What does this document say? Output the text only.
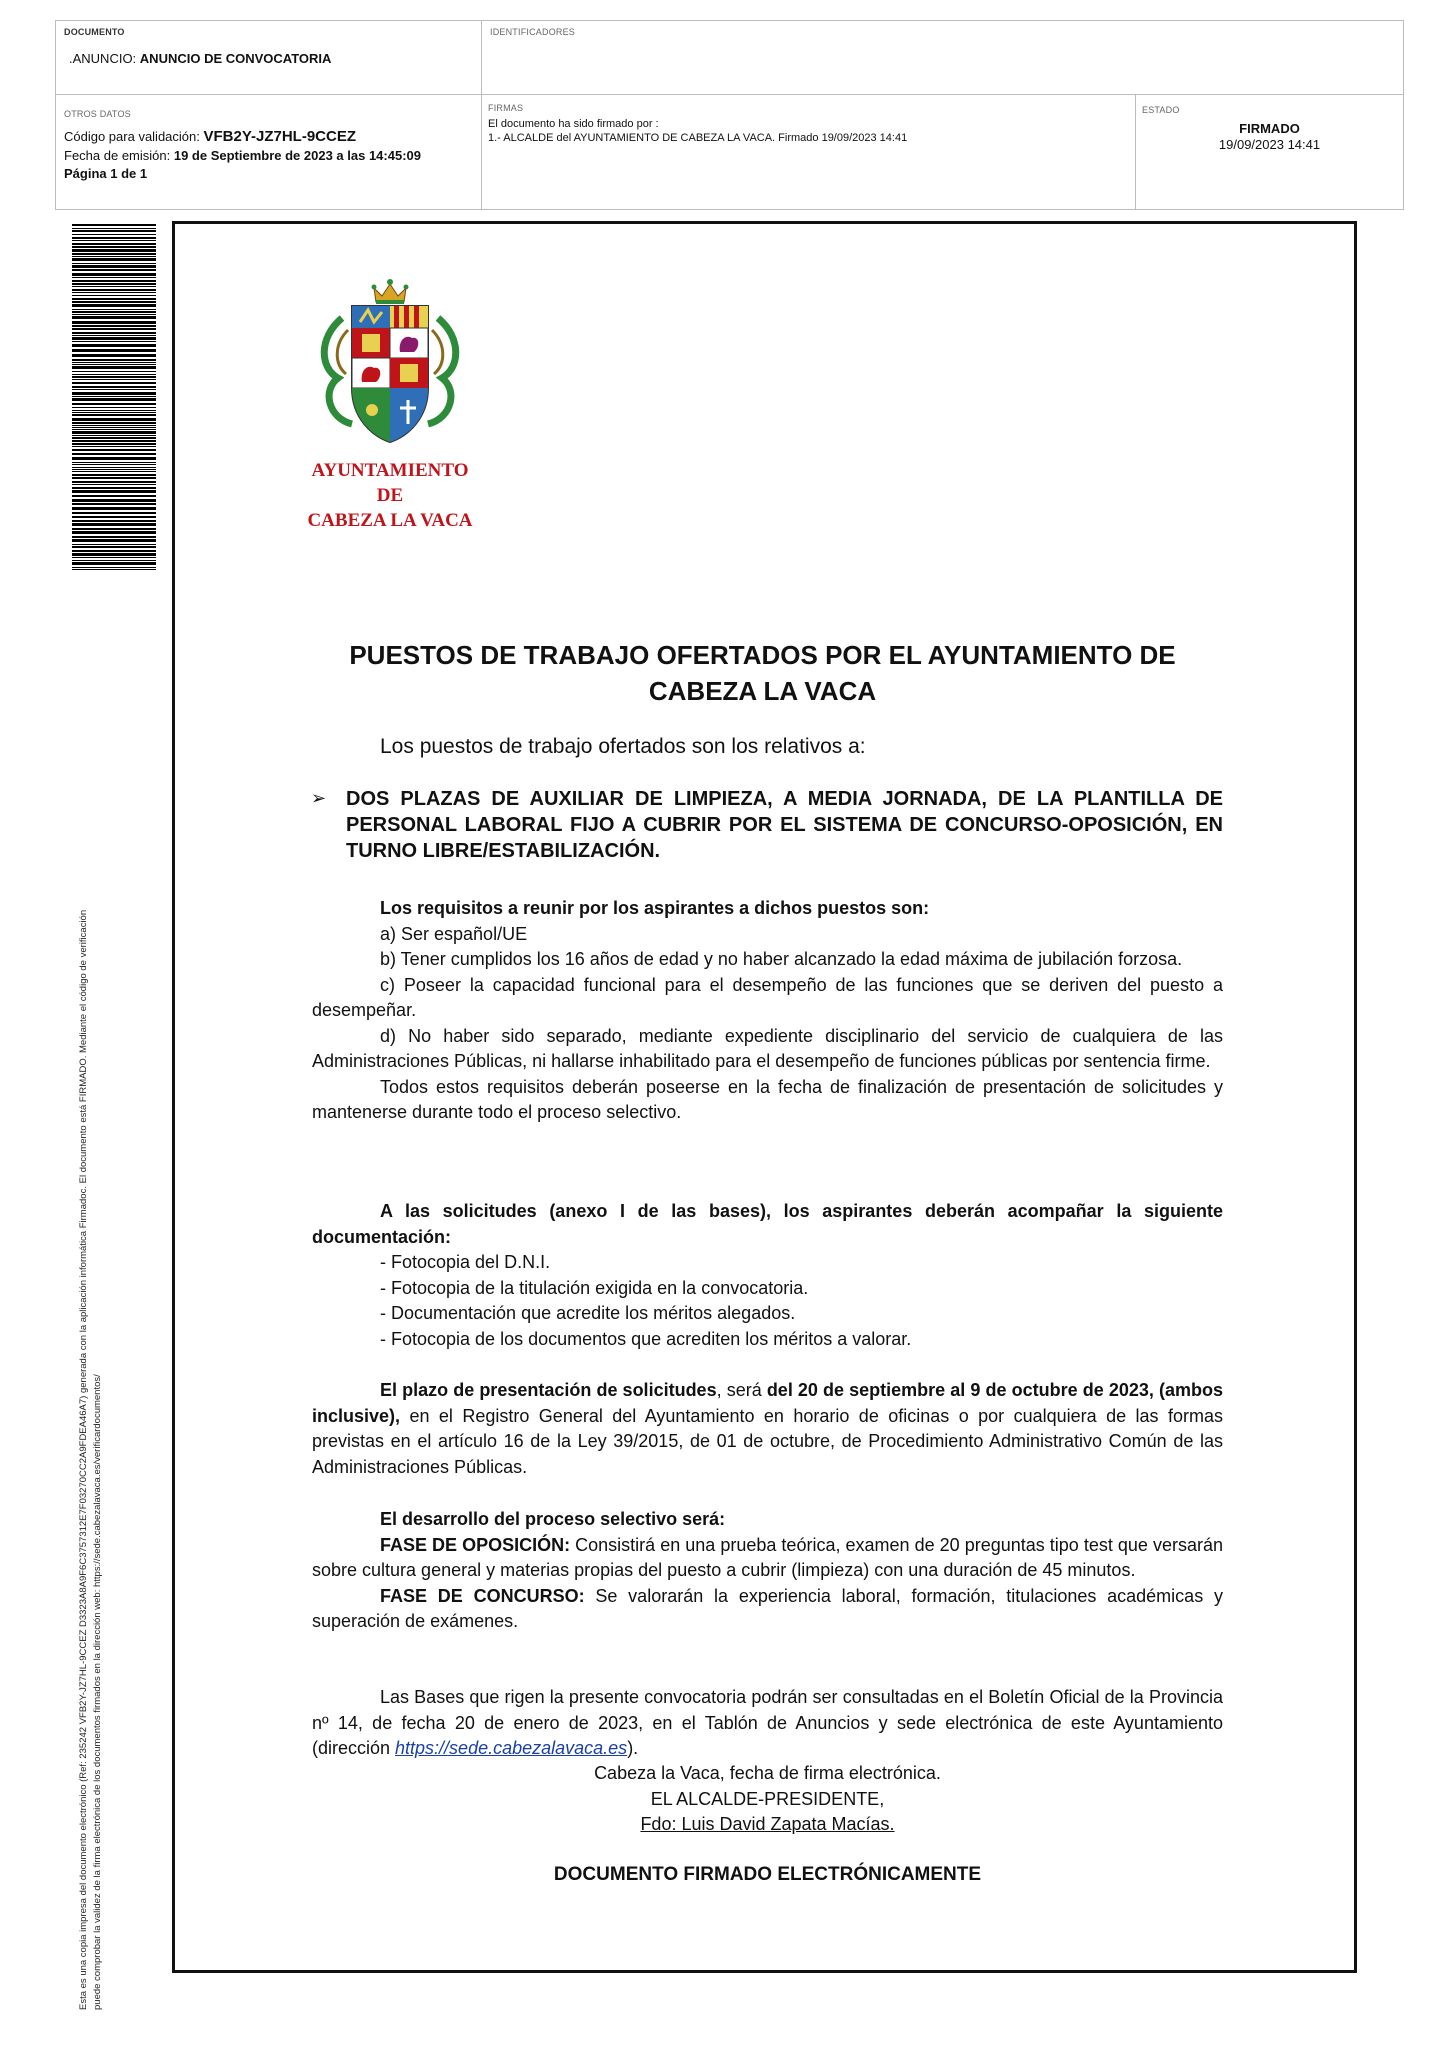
DOCUMENTO
.ANUNCIO: ANUNCIO DE CONVOCATORIA
IDENTIFICADORES
OTROS DATOS
Código para validación: VFB2Y-JZ7HL-9CCEZ
Fecha de emisión: 19 de Septiembre de 2023 a las 14:45:09
Página 1 de 1
FIRMAS
El documento ha sido firmado por :
1.- ALCALDE del AYUNTAMIENTO DE CABEZA LA VACA. Firmado 19/09/2023 14:41
ESTADO
FIRMADO
19/09/2023 14:41
Esta es una copia impresa del documento electrónico (Ref: 235242 VFB2Y-JZ7HL-9CCEZ D3323A8A9F6C3757312E7F03270CC2A9FDEA46A7) generada con la aplicación informática Firmadoc. El documento está FIRMADO. Mediante el código de verificación puede comprobar la validez de la firma electrónica de los documentos firmados en la dirección web: https://sede.cabezalavaca.es/verificardocumentos/
AYUNTAMIENTO
DE
CABEZA LA VACA
PUESTOS DE TRABAJO OFERTADOS POR EL AYUNTAMIENTO DE
CABEZA LA VACA
Los puestos de trabajo ofertados son los relativos a:
➢ DOS PLAZAS DE AUXILIAR DE LIMPIEZA, A MEDIA JORNADA, DE LA PLANTILLA DE PERSONAL LABORAL FIJO A CUBRIR POR EL SISTEMA DE CONCURSO-OPOSICIÓN, EN TURNO LIBRE/ESTABILIZACIÓN.

Los requisitos a reunir por los aspirantes a dichos puestos son:

a) Ser español/UE

b) Tener cumplidos los 16 años de edad y no haber alcanzado la edad máxima de jubilación forzosa.

c) Poseer la capacidad funcional para el desempeño de las funciones que se deriven del puesto a desempeñar.

d) No haber sido separado, mediante expediente disciplinario del servicio de cualquiera de las Administraciones Públicas, ni hallarse inhabilitado para el desempeño de funciones públicas por sentencia firme.

Todos estos requisitos deberán poseerse en la fecha de finalización de presentación de solicitudes y mantenerse durante todo el proceso selectivo.

A las solicitudes (anexo I de las bases), los aspirantes deberán acompañar la siguiente documentación:

- Fotocopia del D.N.I.

- Fotocopia de la titulación exigida en la convocatoria.

- Documentación que acredite los méritos alegados.

- Fotocopia de los documentos que acrediten los méritos a valorar.

El plazo de presentación de solicitudes, será del 20 de septiembre al 9 de octubre de 2023, (ambos inclusive), en el Registro General del Ayuntamiento en horario de oficinas o por cualquiera de las formas previstas en el artículo 16 de la Ley 39/2015, de 01 de octubre, de Procedimiento Administrativo Común de las Administraciones Públicas.

El desarrollo del proceso selectivo será:

FASE DE OPOSICIÓN: Consistirá en una prueba teórica, examen de 20 preguntas tipo test que versarán sobre cultura general y materias propias del puesto a cubrir (limpieza) con una duración de 45 minutos.

FASE DE CONCURSO: Se valorarán la experiencia laboral, formación, titulaciones académicas y superación de exámenes.

Las Bases que rigen la presente convocatoria podrán ser consultadas en el Boletín Oficial de la Provincia nº 14, de fecha 20 de enero de 2023, en el Tablón de Anuncios y sede electrónica de este Ayuntamiento (dirección https://sede.cabezalavaca.es).

Cabeza la Vaca, fecha de firma electrónica.

EL ALCALDE-PRESIDENTE,

Fdo: Luis David Zapata Macías.

DOCUMENTO FIRMADO ELECTRÓNICAMENTE
